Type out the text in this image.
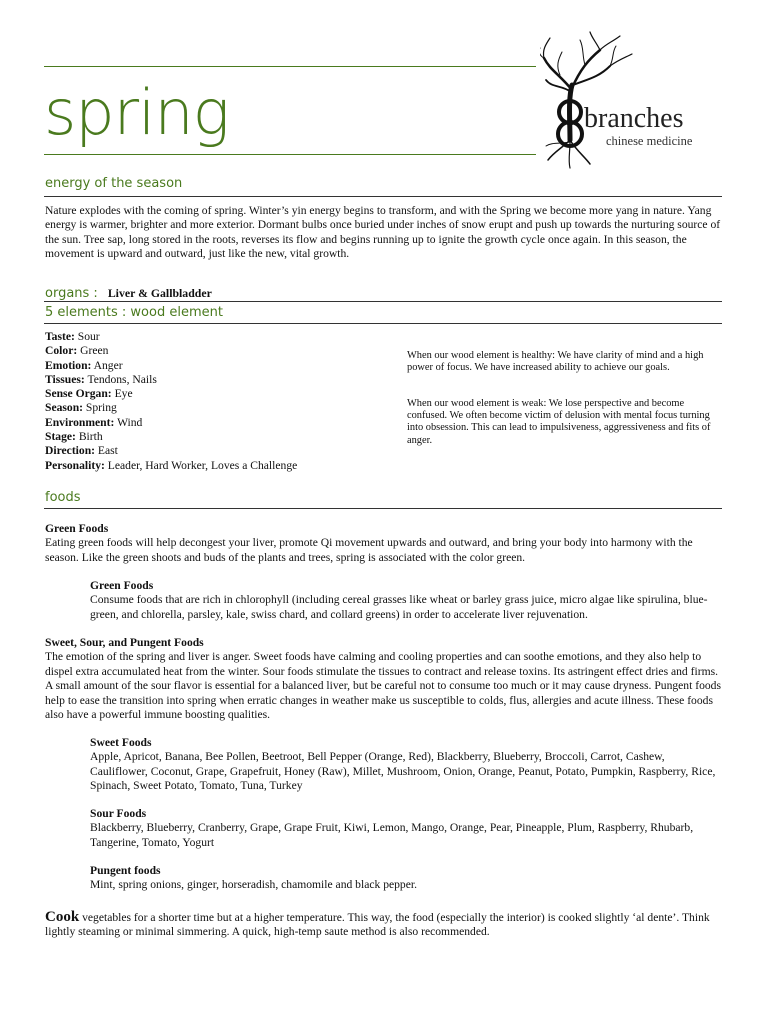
spring	branches
chinese medicine
energy of the season
Nature explodes with the coming of spring. Winter’s yin energy begins to transform, and with the Spring we become more yang in nature. Yang energy is warmer, brighter and more exterior. Dormant bulbs once buried under inches of snow erupt and push up towards the nurturing source of the sun. Tree sap, long stored in the roots, reverses its flow and begins running up to ignite the growth cycle once again. In this season, the movement is upward and outward, just like the new, vital growth.
organs : Liver & Gallbladder
5 elements : wood element
Taste: Sour
Color: Green
Emotion: Anger
Tissues: Tendons, Nails
Sense Organ: Eye
Season: Spring
Environment: Wind
Stage: Birth
Direction: East
Personality: Leader, Hard Worker, Loves a Challenge
When our wood element is healthy: We have clarity of mind and a high power of focus. We have increased ability to achieve our goals.
When our wood element is weak: We lose perspective and become confused. We often become victim of delusion with mental focus turning into obsession. This can lead to impulsiveness, aggressiveness and fits of anger.
foods
Green Foods
Eating green foods will help decongest your liver, promote Qi movement upwards and outward, and bring your body into harmony with the season. Like the green shoots and buds of the plants and trees, spring is associated with the color green.
Green Foods
Consume foods that are rich in chlorophyll (including cereal grasses like wheat or barley grass juice, micro algae like spirulina, blue-green, and chlorella, parsley, kale, swiss chard, and collard greens) in order to accelerate liver rejuvenation.
Sweet, Sour, and Pungent Foods
The emotion of the spring and liver is anger. Sweet foods have calming and cooling properties and can soothe emotions, and they also help to dispel extra accumulated heat from the winter. Sour foods stimulate the tissues to contract and release toxins. Its astringent effect dries and firms. A small amount of the sour flavor is essential for a balanced liver, but be careful not to consume too much or it may cause dryness. Pungent foods help to ease the transition into spring when erratic changes in weather make us susceptible to colds, flus, allergies and acute illness. These foods also have a powerful immune boosting qualities.
Sweet Foods
Apple, Apricot, Banana, Bee Pollen, Beetroot, Bell Pepper (Orange, Red), Blackberry, Blueberry, Broccoli, Carrot, Cashew, Cauliflower, Coconut, Grape, Grapefruit, Honey (Raw), Millet, Mushroom, Onion, Orange, Peanut, Potato, Pumpkin, Raspberry, Rice, Spinach, Sweet Potato, Tomato, Tuna, Turkey
Sour Foods
Blackberry, Blueberry, Cranberry, Grape, Grape Fruit, Kiwi, Lemon, Mango, Orange, Pear, Pineapple, Plum, Raspberry, Rhubarb, Tangerine, Tomato, Yogurt
Pungent foods
Mint, spring onions, ginger, horseradish, chamomile and black pepper.
Cook vegetables for a shorter time but at a higher temperature. This way, the food (especially the interior) is cooked slightly ‘al dente’. Think lightly steaming or minimal simmering. A quick, high-temp saute method is also recommended.
